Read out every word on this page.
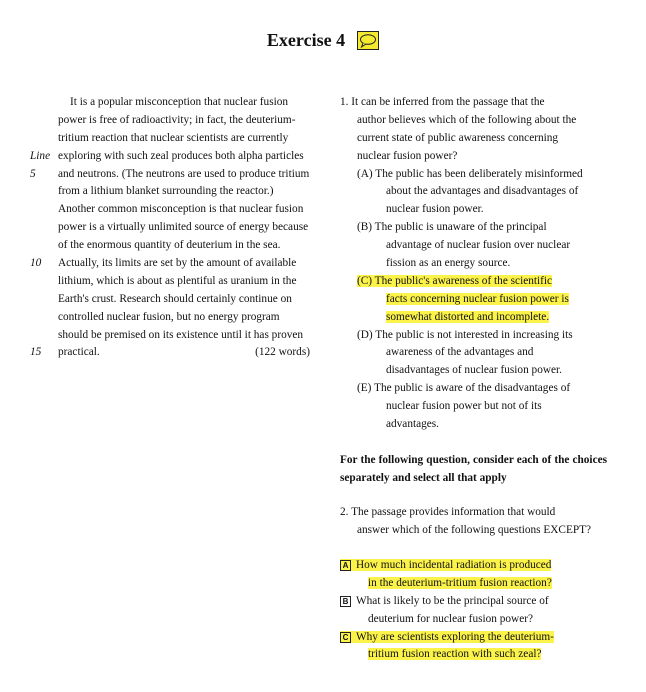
Exercise 4
It is a popular misconception that nuclear fusion
power is free of radioactivity; in fact, the deuterium-
tritium reaction that nuclear scientists are currently
Line exploring with such zeal produces both alpha particles
5	and neutrons. (The neutrons are used to produce tritium
from a lithium blanket surrounding the reactor.)
Another common misconception is that nuclear fusion
power is a virtually unlimited source of energy because
of the enormous quantity of deuterium in the sea.
10	Actually, its limits are set by the amount of available
lithium, which is about as plentiful as uranium in the
Earth's crust. Research should certainly continue on
controlled nuclear fusion, but no energy program
should be premised on its existence until it has proven
15	practical.	(122 words)
1. It can be inferred from the passage that the
author believes which of the following about the
current state of public awareness concerning
nuclear fusion power?
(A) The public has been deliberately misinformed
about the advantages and disadvantages of
nuclear fusion power.
(B) The public is unaware of the principal
advantage of nuclear fusion over nuclear
fission as an energy source.
(C) The public's awareness of the scientific
facts concerning nuclear fusion power is
somewhat distorted and incomplete.
(D) The public is not interested in increasing its
awareness of the advantages and
disadvantages of nuclear fusion power.
(E) The public is aware of the disadvantages of
nuclear fusion power but not of its
advantages.
For the following question, consider each of the choices separately and select all that apply
2. The passage provides information that would
answer which of the following questions EXCEPT?
A How much incidental radiation is produced
in the deuterium-tritium fusion reaction?
B What is likely to be the principal source of
deuterium for nuclear fusion power?
C Why are scientists exploring the deuterium-
tritium fusion reaction with such zeal?
